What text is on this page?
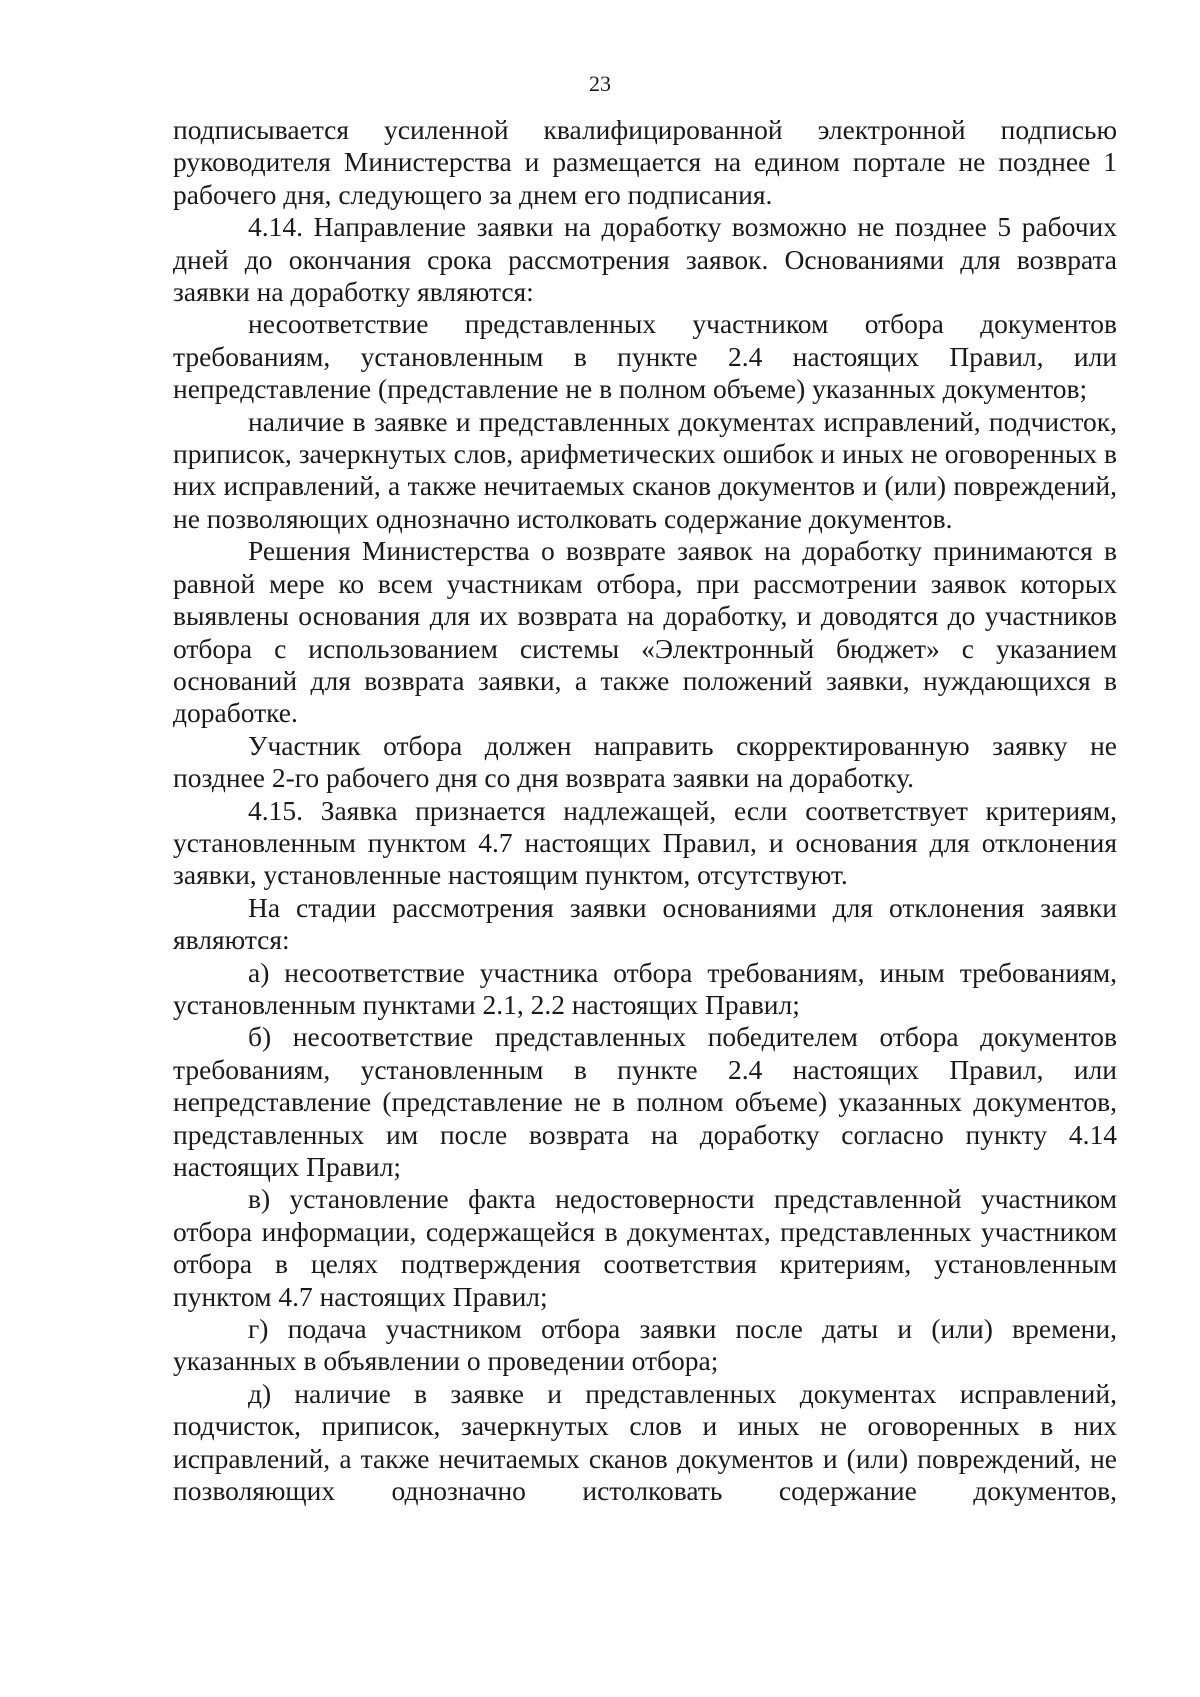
23

подписывается усиленной квалифицированной электронной подписью руководителя Министерства и размещается на едином портале не позднее 1 рабочего дня, следующего за днем его подписания.

4.14. Направление заявки на доработку возможно не позднее 5 рабочих дней до окончания срока рассмотрения заявок. Основаниями для возврата заявки на доработку являются:

несоответствие представленных участником отбора документов требованиям, установленным в пункте 2.4 настоящих Правил, или непредставление (представление не в полном объеме) указанных документов;

наличие в заявке и представленных документах исправлений, подчисток, приписок, зачеркнутых слов, арифметических ошибок и иных не оговоренных в них исправлений, а также нечитаемых сканов документов и (или) повреждений, не позволяющих однозначно истолковать содержание документов.

Решения Министерства о возврате заявок на доработку принимаются в равной мере ко всем участникам отбора, при рассмотрении заявок которых выявлены основания для их возврата на доработку, и доводятся до участников отбора с использованием системы «Электронный бюджет» с указанием оснований для возврата заявки, а также положений заявки, нуждающихся в доработке.

Участник отбора должен направить скорректированную заявку не позднее 2-го рабочего дня со дня возврата заявки на доработку.

4.15. Заявка признается надлежащей, если соответствует критериям, установленным пунктом 4.7 настоящих Правил, и основания для отклонения заявки, установленные настоящим пунктом, отсутствуют.

На стадии рассмотрения заявки основаниями для отклонения заявки являются:

а) несоответствие участника отбора требованиям, иным требованиям, установленным пунктами 2.1, 2.2 настоящих Правил;

б) несоответствие представленных победителем отбора документов требованиям, установленным в пункте 2.4 настоящих Правил, или непредставление (представление не в полном объеме) указанных документов, представленных им после возврата на доработку согласно пункту 4.14 настоящих Правил;

в) установление факта недостоверности представленной участником отбора информации, содержащейся в документах, представленных участником отбора в целях подтверждения соответствия критериям, установленным пунктом 4.7 настоящих Правил;

г) подача участником отбора заявки после даты и (или) времени, указанных в объявлении о проведении отбора;

д) наличие в заявке и представленных документах исправлений, подчисток, приписок, зачеркнутых слов и иных не оговоренных в них исправлений, а также нечитаемых сканов документов и (или) повреждений, не позволяющих однозначно истолковать содержание документов,
